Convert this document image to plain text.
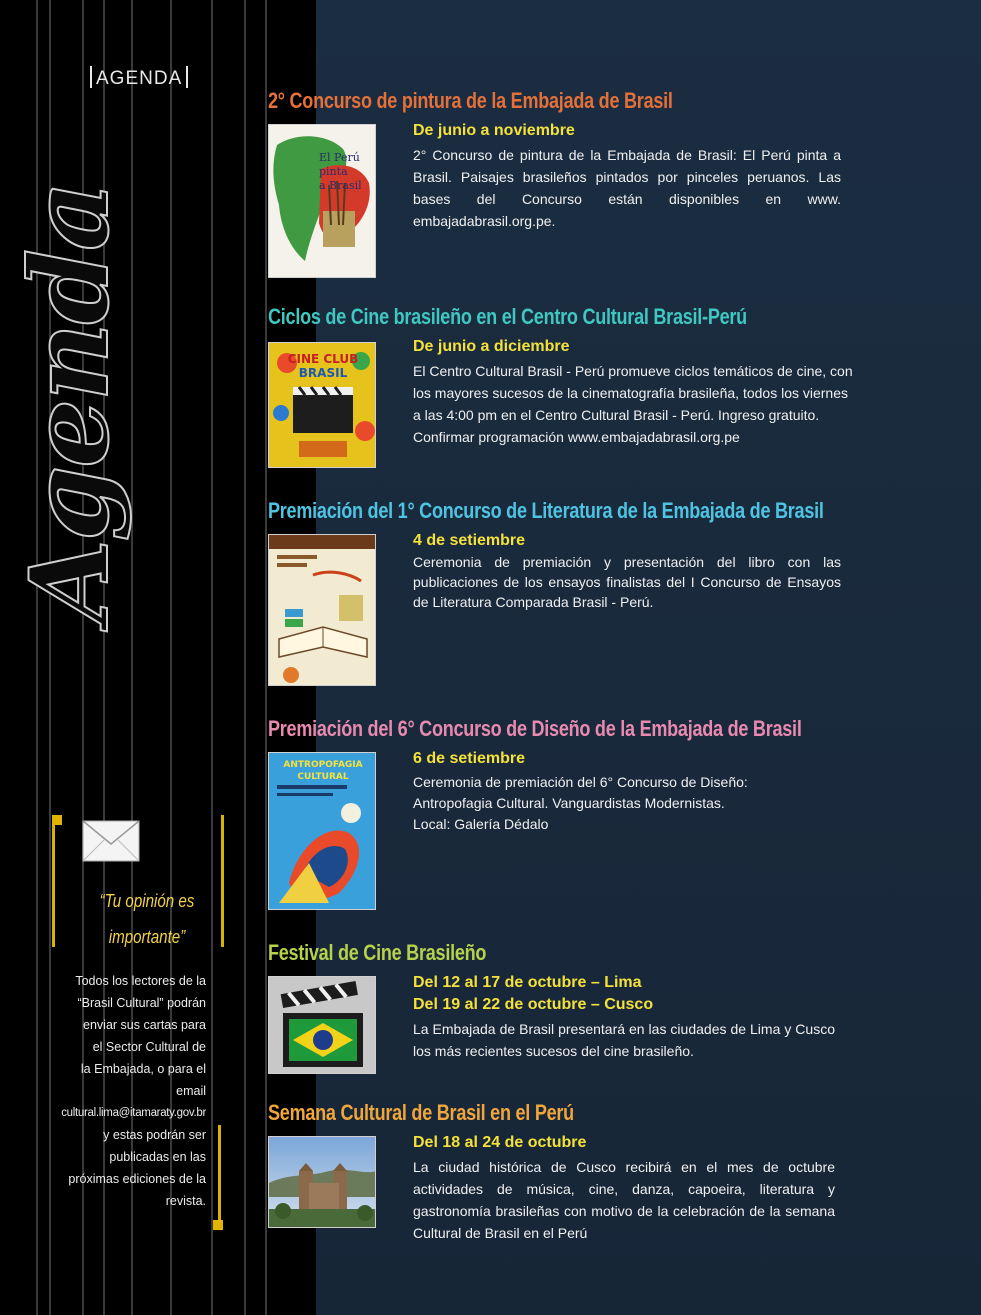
AGENDA
Agenda
2° Concurso de pintura de la Embajada de Brasil
El Perú
pinta
a Brasil
De junio a noviembre
2° Concurso de pintura de la Embajada de Brasil: El Perú pinta a Brasil. Paisajes brasileños pintados por pinceles peruanos. Las bases del Concurso están disponibles en www. embajadabrasil.org.pe.
Ciclos de Cine brasileño en el Centro Cultural Brasil-Perú
CINE CLUB
BRASIL
De junio a diciembre
El Centro Cultural Brasil - Perú promueve ciclos temáticos de cine, con los mayores sucesos de la cinematografía brasileña, todos los viernes a las 4:00 pm en el Centro Cultural Brasil - Perú. Ingreso gratuito.
Confirmar programación www.embajadabrasil.org.pe
Premiación del 1° Concurso de Literatura de la Embajada de Brasil
4 de setiembre
Ceremonia de premiación y presentación del libro con las publicaciones de los ensayos finalistas del I Concurso de Ensayos de Literatura Comparada Brasil - Perú.
Premiación del 6° Concurso de Diseño de la Embajada de Brasil
ANTROPOFAGIA
CULTURAL
6 de setiembre
Ceremonia de premiación del 6° Concurso de Diseño:
Antropofagia Cultural. Vanguardistas Modernistas.
Local: Galería Dédalo
Festival de Cine Brasileño
Del 12 al 17 de octubre – Lima
Del 19 al 22 de octubre – Cusco
La Embajada de Brasil presentará en las ciudades de Lima y Cusco los más recientes sucesos del cine brasileño.
Semana Cultural de Brasil en el Perú
Del 18 al 24 de octubre
La ciudad histórica de Cusco recibirá en el mes de octubre actividades de música, cine, danza, capoeira, literatura y gastronomía brasileñas con motivo de la celebración de la semana Cultural de Brasil en el Perú
“Tu opinión es
importante”
Todos los lectores de la
“Brasil Cultural” podrán
enviar sus cartas para
el Sector Cultural de
la Embajada, o para el
email
cultural.lima@itamaraty.gov.br
y estas podrán ser
publicadas en las
próximas ediciones de la
revista.
